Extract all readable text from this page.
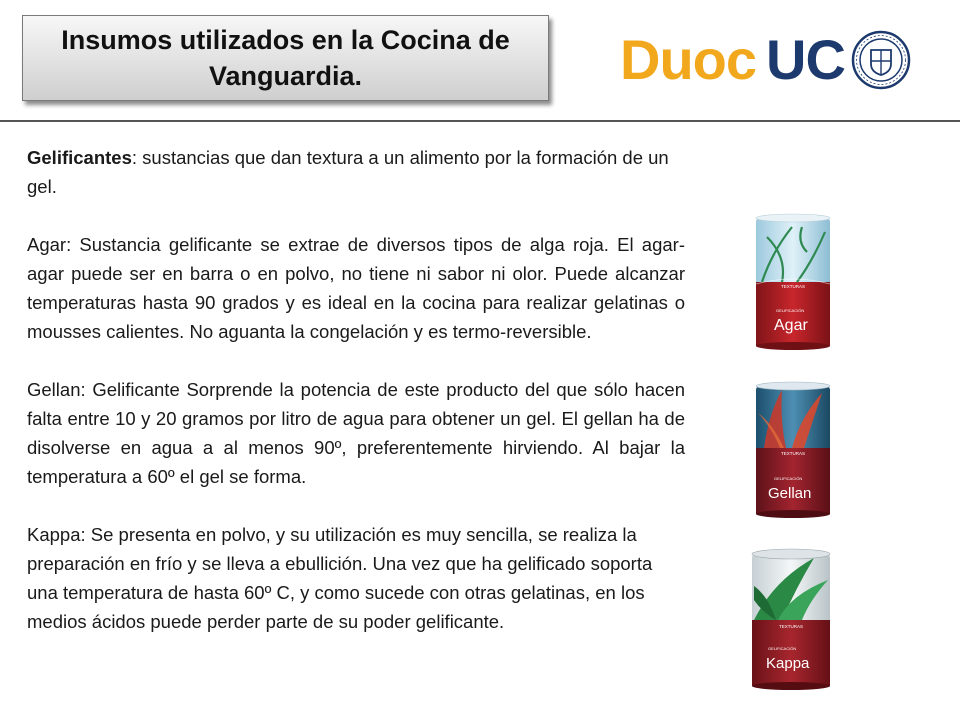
Insumos utilizados en la Cocina de Vanguardia.	Duoc UC

Gelificantes: sustancias que dan textura a un alimento por la formación de un gel.

Agar: Sustancia gelificante se extrae de diversos tipos de alga roja. El agar-agar puede ser en barra o en polvo, no tiene ni sabor ni olor. Puede alcanzar temperaturas hasta 90 grados y es ideal en la cocina para realizar gelatinas o mousses calientes. No aguanta la congelación y es termo-reversible.

Gellan: Gelificante Sorprende la potencia de este producto del que sólo hacen falta entre 10 y 20 gramos por litro de agua para obtener un gel. El gellan ha de disolverse en agua a al menos 90º, preferentemente hirviendo. Al bajar la temperatura a 60º el gel se forma.

Kappa: Se presenta en polvo, y su utilización es muy sencilla, se realiza la preparación en frío y se lleva a ebullición. Una vez que ha gelificado soporta una temperatura de hasta 60º C, y como sucede con otras gelatinas, en los medios ácidos puede perder parte de su poder gelificante.

TEXTURAS
GELIFICACIÓN
Agar
TEXTURAS
GELIFICACIÓN
Gellan
TEXTURAS
GELIFICACIÓN
Kappa
